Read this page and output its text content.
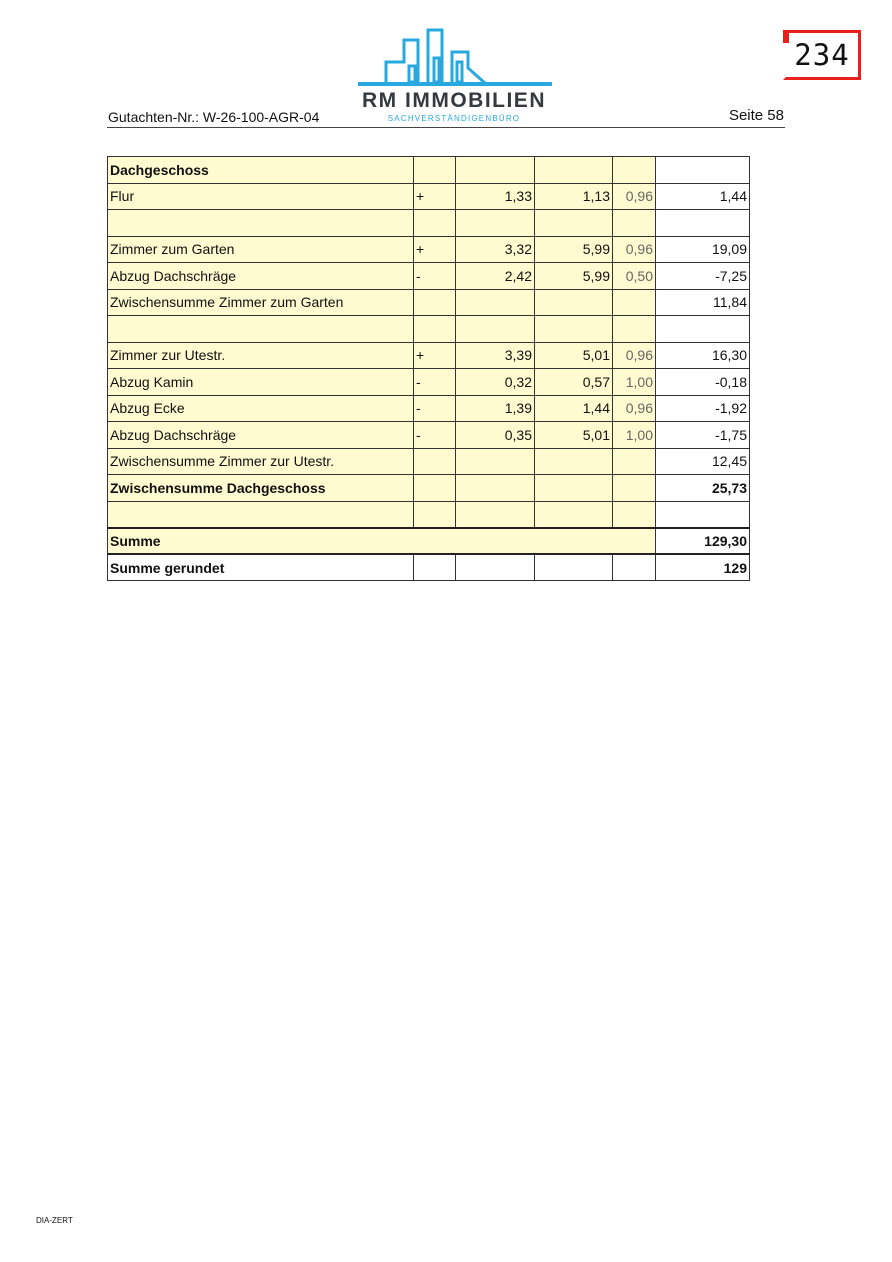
234
RM IMMOBILIEN
SACHVERSTÄNDIGENBÜRO
Gutachten-Nr.: W-26-100-AGR-04	Seite 58
Dachgeschoss					
Flur	+	1,33	1,13	0,96	1,44

Zimmer zum Garten	+	3,32	5,99	0,96	19,09
Abzug Dachschräge	-	2,42	5,99	0,50	-7,25
Zwischensumme Zimmer zum Garten					11,84

Zimmer zur Utestr.	+	3,39	5,01	0,96	16,30
Abzug Kamin	-	0,32	0,57	1,00	-0,18
Abzug Ecke	-	1,39	1,44	0,96	-1,92
Abzug Dachschräge	-	0,35	5,01	1,00	-1,75
Zwischensumme Zimmer zur Utestr.					12,45
Zwischensumme Dachgeschoss					25,73

Summe					129,30
Summe gerundet					129
DIA-ZERT
